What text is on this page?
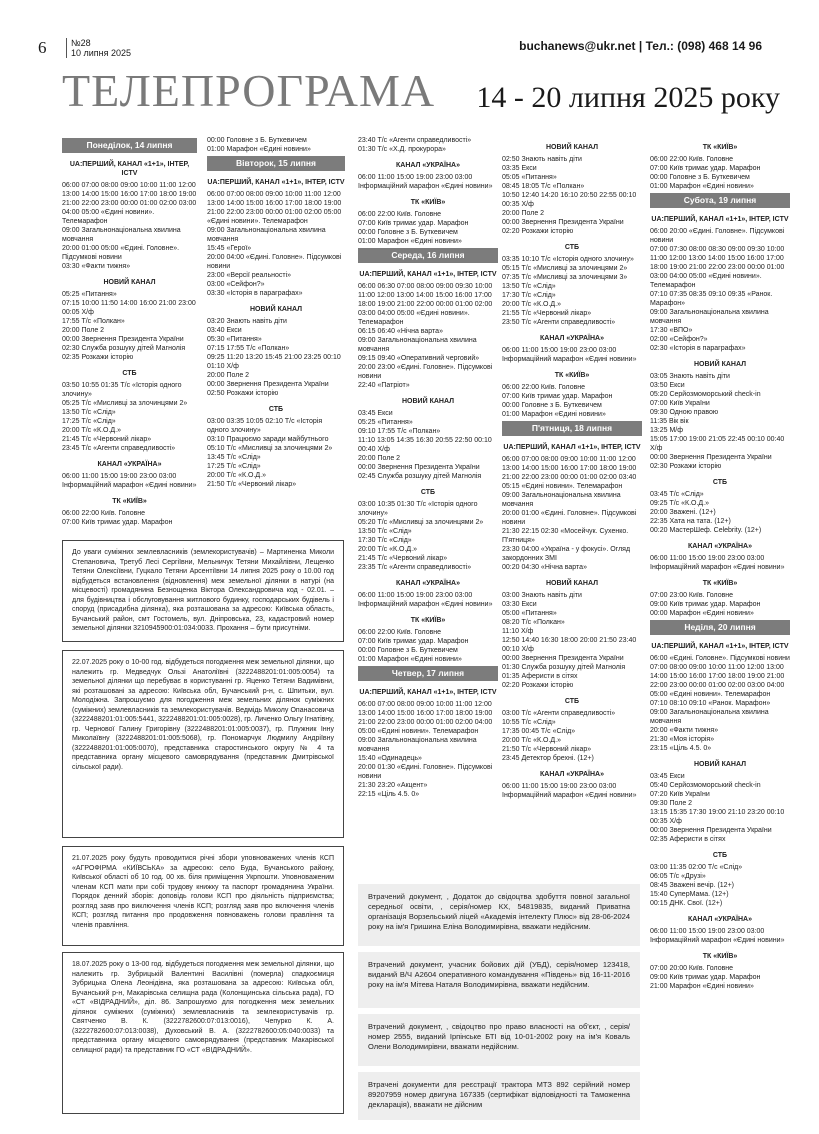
6	№28
10 липня 2025	buchanews@ukr.net | Тел.: (098) 468 14 96
ТЕЛЕПРОГРАМА 14 - 20 липня 2025 року
Понеділок, 14 липня
UA:ПЕРШИЙ, КАНАЛ «1+1», ІНТЕР, ICTV
06:00 07:00 08:00 09:00 10:00 11:00 12:00 13:00 14:00 15:00 16:00 17:00 18:00 19:00 21:00 22:00 23:00 00:00 01:00 02:00 03:00 04:00 05:00 «Єдині новини». Телемарафон
09:00 Загальнонаціональна хвилина мовчання
20:00 01:00 05:00 «Єдині. Головне». Підсумкові новини
03:30 «Факти тижня»
НОВИЙ КАНАЛ
05:25 «Питання»
07:15 10:00 11:50 14:00 16:00 21:00 23:00 00:05 Х/ф
17:55 Т/с «Полкан»
20:00 Поле 2
00:00 Звернення Президента України
02:30 Служба розшуку дітей Магнолія
02:35 Розкажи історію
СТБ
03:50 10:55 01:35 Т/с «Історія одного злочину»
05:25 Т/с «Мисливці за злочинцями 2»
13:50 Т/с «Слід»
17:25 Т/с «Слід»
20:00 Т/с «К.О.Д.»
21:45 Т/с «Червоний лікар»
23:45 Т/с «Агенти справедливості»
КАНАЛ «УКРАЇНА»
06:00 11:00 15:00 19:00 23:00 03:00 Інформаційний марафон «Єдині новини»
ТК «КИЇВ»
06:00 22:00 Київ. Головне
07:00 Київ тримає удар. Марафон
00:00 Головне з Б. Буткевичем
01:00 Марафон «Єдині новини»
Вівторок, 15 липня
UA:ПЕРШИЙ, КАНАЛ «1+1», ІНТЕР, ICTV
06:00 07:00 08:00 09:00 10:00 11:00 12:00 13:00 14:00 15:00 16:00 17:00 18:00 19:00 21:00 22:00 23:00 00:00 01:00 02:00 05:00 «Єдині новини». Телемарафон
09:00 Загальнонаціональна хвилина мовчання
15:45 «Герої»
20:00 04:00 «Єдині. Головне». Підсумкові новини
23:00 «Версії реальності»
03:00 «Сейфон?»
03:30 «Історія в параграфах»
НОВИЙ КАНАЛ
03:20 Знають навіть діти
03:40 Екси
05:30 «Питання»
07:15 17:55 Т/с «Полкан»
09:25 11:20 13:20 15:45 21:00 23:25 00:10 01:10 Х/ф
20:00 Поле 2
00:00 Звернення Президента України
02:50 Розкажи історію
СТБ
03:00 03:35 10:05 02:10 Т/с «Історія одного злочину»
03:10 Працюємо заради майбутнього
05:10 Т/с «Мисливці за злочинцями 2»
13:45 Т/с «Слід»
17:25 Т/с «Слід»
20:00 Т/с «К.О.Д.»
21:50 Т/с «Червоний лікар»
23:40 Т/с «Агенти справедливості»
01:30 Т/с «Х.Д. прокурора»
КАНАЛ «УКРАЇНА»
06:00 11:00 15:00 19:00 23:00 03:00 Інформаційний марафон «Єдині новини»
ТК «КИЇВ»
06:00 22:00 Київ. Головне
07:00 Київ тримає удар. Марафон
00:00 Головне з Б. Буткевичем
01:00 Марафон «Єдині новини»
Середа, 16 липня
UA:ПЕРШИЙ, КАНАЛ «1+1», ІНТЕР, ICTV
06:00 06:30 07:00 08:00 09:00 09:30 10:00 11:00 12:00 13:00 14:00 15:00 16:00 17:00 18:00 19:00 21:00 22:00 00:00 01:00 02:00 03:00 04:00 05:00 «Єдині новини». Телемарафон
06:15 06:40 «Нічна варта»
09:00 Загальнонаціональна хвилина мовчання
09:15 09:40 «Оперативний черговий»
20:00 23:00 «Єдині. Головне». Підсумкові новини
22:40 «Патріот»
НОВИЙ КАНАЛ
03:45 Екси
05:25 «Питання»
09:10 17:55 Т/с «Полкан»
11:10 13:05 14:35 16:30 20:55 22:50 00:10 00:40 Х/ф
20:00 Поле 2
00:00 Звернення Президента України
02:45 Служба розшуку дітей Магнолія
СТБ
03:00 10:35 01:30 Т/с «Історія одного злочину»
05:20 Т/с «Мисливці за злочинцями 2»
13:50 Т/с «Слід»
17:30 Т/с «Слід»
20:00 Т/с «К.О.Д.»
21:45 Т/с «Червоний лікар»
23:35 Т/с «Агенти справедливості»
КАНАЛ «УКРАЇНА»
06:00 11:00 15:00 19:00 23:00 03:00 Інформаційний марафон «Єдині новини»
ТК «КИЇВ»
06:00 22:00 Київ. Головне
07:00 Київ тримає удар. Марафон
00:00 Головне з Б. Буткевичем
01:00 Марафон «Єдині новини»
Четвер, 17 липня
UA:ПЕРШИЙ, КАНАЛ «1+1», ІНТЕР, ICTV
06:00 07:00 08:00 09:00 10:00 11:00 12:00 13:00 14:00 15:00 16:00 17:00 18:00 19:00 21:00 22:00 23:00 00:00 01:00 02:00 04:00 05:00 «Єдині новини». Телемарафон
09:00 Загальнонаціональна хвилина мовчання
15:40 «Одинадець»
20:00 01:30 «Єдині. Головне». Підсумкові новини
21:30 23:20 «Акцент»
22:15 «Ціль 4.5. 0»
НОВИЙ КАНАЛ
02:50 Знають навіть діти
03:35 Екси
05:05 «Питання»
08:45 18:05 Т/с «Полкан»
10:50 12:40 14:20 16:10 20:50 22:55 00:10 00:35 Х/ф
20:00 Поле 2
00:00 Звернення Президента України
02:20 Розкажи історію
СТБ
03:35 10:10 Т/с «Історія одного злочину»
05:15 Т/с «Мисливці за злочинцями 2»
07:35 Т/с «Мисливці за злочинцями 3»
13:50 Т/с «Слід»
17:30 Т/с «Слід»
20:00 Т/с «К.О.Д.»
21:55 Т/с «Червоний лікар»
23:50 Т/с «Агенти справедливості»
КАНАЛ «УКРАЇНА»
06:00 11:00 15:00 19:00 23:00 03:00 Інформаційний марафон «Єдині новини»
ТК «КИЇВ»
06:00 22:00 Київ. Головне
07:00 Київ тримає удар. Марафон
00:00 Головне з Б. Буткевичем
01:00 Марафон «Єдині новини»
П'ятниця, 18 липня
UA:ПЕРШИЙ, КАНАЛ «1+1», ІНТЕР, ICTV
06:00 07:00 08:00 09:00 10:00 11:00 12:00 13:00 14:00 15:00 16:00 17:00 18:00 19:00 21:00 22:00 23:00 00:00 01:00 02:00 03:40 05:15 «Єдині новини». Телемарафон
09:00 Загальнонаціональна хвилина мовчання
20:00 01:00 «Єдині. Головне». Підсумкові новини
21:30 22:15 02:30 «Мосейчук. Сухенко. П'ятниця»
23:30 04:00 «Україна - у фокусі». Огляд закордонних ЗМІ
00:20 04:30 «Нічна варта»
НОВИЙ КАНАЛ
03:00 Знають навіть діти
03:30 Екси
05:00 «Питання»
08:20 Т/с «Полкан»
11:10 Х/ф
12:50 14:40 16:30 18:00 20:00 21:50 23:40 00:10 Х/ф
00:00 Звернення Президента України
01:30 Служба розшуку дітей Магнолія
01:35 Аферисти в сітях
02:20 Розкажи історію
СТБ
03:00 Т/с «Агенти справедливості»
10:55 Т/с «Слід»
17:35 00:45 Т/с «Слід»
20:00 Т/с «К.О.Д.»
21:50 Т/с «Червоний лікар»
23:45 Детектор брехні. (12+)
КАНАЛ «УКРАЇНА»
06:00 11:00 15:00 19:00 23:00 03:00 Інформаційний марафон «Єдині новини»
ТК «КИЇВ»
06:00 22:00 Київ. Головне
07:00 Київ тримає удар. Марафон
00:00 Головне з Б. Буткевичем
01:00 Марафон «Єдині новини»
Субота, 19 липня
UA:ПЕРШИЙ, КАНАЛ «1+1», ІНТЕР, ICTV
06:00 20:00 «Єдині. Головне». Підсумкові новини
07:00 07:30 08:00 08:30 09:00 09:30 10:00 11:00 12:00 13:00 14:00 15:00 16:00 17:00 18:00 19:00 21:00 22:00 23:00 00:00 01:00 03:00 04:00 05:00 «Єдині новини». Телемарафон
07:10 07:35 08:35 09:10 09:35 «Ранок. Марафон»
09:00 Загальнонаціональна хвилина мовчання
17:30 «ВПО»
02:00 «Сейфон?»
02:30 «Історія в параграфах»
НОВИЙ КАНАЛ
03:05 Знають навіть діти
03:50 Екси
05:20 Серйозмоморський check-in
07:00 Київ України
09:30 Одною правою
11:35 Вік вік
13:25 М/ф
15:05 17:00 19:00 21:05 22:45 00:10 00:40 Х/ф
00:00 Звернення Президента України
02:30 Розкажи історію
СТБ
03:45 Т/с «Слід»
09:25 Т/с «К.О.Д.»
20:00 Зважені. (12+)
22:35 Хата на тата. (12+)
00:20 МастерШеф. Celebrity. (12+)
КАНАЛ «УКРАЇНА»
06:00 11:00 15:00 19:00 23:00 03:00 Інформаційний марафон «Єдині новини»
ТК «КИЇВ»
07:00 23:00 Київ. Головне
09:00 Київ тримає удар. Марафон
00:00 Марафон «Єдині новини»
Неділя, 20 липня
UA:ПЕРШИЙ, КАНАЛ «1+1», ІНТЕР, ICTV
06:00 «Єдині. Головне». Підсумкові новини
07:00 08:00 09:00 10:00 11:00 12:00 13:00 14:00 15:00 16:00 17:00 18:00 19:00 21:00 22:00 23:00 00:00 01:00 02:00 03:00 04:00 05:00 «Єдині новини». Телемарафон
07:10 08:10 09:10 «Ранок. Марафон»
09:00 Загальнонаціональна хвилина мовчання
20:00 «Факти тижня»
21:30 «Моя історія»
23:15 «Ціль 4.5. 0»
НОВИЙ КАНАЛ
03:45 Екси
05:40 Серйозмоморський check-in
07:20 Київ України
09:30 Поле 2
13:15 15:35 17:30 19:00 21:10 23:20 00:10 00:35 Х/ф
00:00 Звернення Президента України
02:35 Аферисти в сітях
СТБ
03:00 11:35 02:00 Т/с «Слід»
06:05 Т/с «Друзі»
08:45 Зважені вечір. (12+)
15:40 СуперМама. (12+)
00:15 ДНК. Свої. (12+)
КАНАЛ «УКРАЇНА»
06:00 11:00 15:00 19:00 23:00 03:00 Інформаційний марафон «Єдині новини»
ТК «КИЇВ»
07:00 20:00 Київ. Головне
09:00 Київ тримає удар. Марафон
21:00 Марафон «Єдині новини»
До уваги суміжних землевласників (землекористувачів) – Мартиненка Миколи Степановича, Третуб Лесі Сергіївни, Мельничук Тетяни Михайлівни, Лещенко Тетяни Олексіївни, Гуцкало Тетяни Арсентіївни 14 липня 2025 року о 10.00 год відбудеться встановлення (відновлення) меж земельної ділянки в натурі (на місцевості) громадянина Безнощенка Віктора Олександровича код - 02.01. – для будівництва і обслуговування житлового будинку, господарських будівель і споруд (присадибна ділянка), яка розташована за адресою: Київська область, Бучанський район, смт Гостомель, вул. Дніпровська, 23, кадастровий номер земельної ділянки 3210945900:01:034:0033. Прохання – бути присутніми.
22.07.2025 року о 10-00 год. відбудеться погодження меж земельної ділянки, що належить гр. Медведчук Ользі Анатоліївні (3222488201:01:005:0054) та земельної ділянки що перебуває в користуванні гр. Яценко Тетяни Вадимівни, які розташовані за адресою: Київська обл, Бучанський р-н, с. Шпитьки, вул. Молодіжна. Запрошуємо для погодження меж земельних ділянок суміжних (суміжних) землевласників та землекористувачів. Ведмідь Миколу Опанасовича (3222488201:01:005:5441, 3222488201:01:005:0028), гр. Личенко Ольгу Ігнатівну, гр. Чернової Галину Григорівну (3222488201:01:005:0037), гр. Плужник Інну Миколаївну (3222488201:01:005:5068), гр. Пономарчук Людмилу Андріївну (3222488201:01:005:0070), представника старостинського округу № 4 та представника органу місцевого самоврядування (представник Дмитрівської сільської ради).
21.07.2025 року будуть проводитися річні збори уповноважених членів КСП «АГРОФІРМА «КИЇВСЬКА» за адресою: село Буда, Бучанського району, Київської області об 10 год. 00 хв. біля приміщення Укрпошти. Уповноваженим членам КСП мати при собі трудову книжку та паспорт громадянина України. Порядок денний зборів: доповідь голови КСП про діяльність підприємства; розгляд заяв про виключення членів КСП; розгляд заяв про включення членів КСП; розгляд питання про продовження повноважень голови правління та членів правління.
18.07.2025 року о 13-00 год. відбудеться погодження меж земельної ділянки, що належить гр. Зубрицькій Валентині Василівні (померла) спадкоємиця Зубрицька Олена Леонідівна, яка розташована за адресою: Київська обл, Бучанський р-н, Макарівська селищна рада (Колонщинська сільська рада), ГО «СТ «ВІДРАДНИЙ», діл. 86. Запрошуємо для погодження меж земельних ділянок суміжних (суміжних) землевласників та землекористувачів гр. Святченко В. К. (3222782600:07:013:0016), Чепурко К. А. (3222782600:07:013:0038), Духовський В. А. (3222782600:05:040:0033) та представника органу місцевого самоврядування (представник Макарівської селищної ради) та представник ГО «СТ «ВІДРАДНИЙ».
Втрачений документ, , Додаток до свідоцтва здобуття повної загальної середньої освіти, , серія/номер КХ, 54819835, виданий Приватна організація Ворзельський ліцей «Академія інтелекту Плюс» від 28-06-2024 року на ім'я Гришина Еліна Володимирівна, вважати недійсним.
Втрачений документ, учасник бойових дій (УБД), серія/номер 123418, виданий В/Ч А2604 оперативного командування «Південь» від 16-11-2016 року на ім'я Мітева Наталя Володимирівна, вважати недійсним.
Втрачений документ, , свідоцтво про право власності на об'єкт, , серія/номер 2555, виданий Ірпінське БТІ від 10-01-2002 року на ім'я Коваль Олени Володимирівни, вважати недійсним.
Втрачені документи для реєстрації трактора МТЗ 892 серійний номер 89207959 номер двигуна 167335 (сертифікат відповідності та Таможенна декларація), вважати не дійсним
